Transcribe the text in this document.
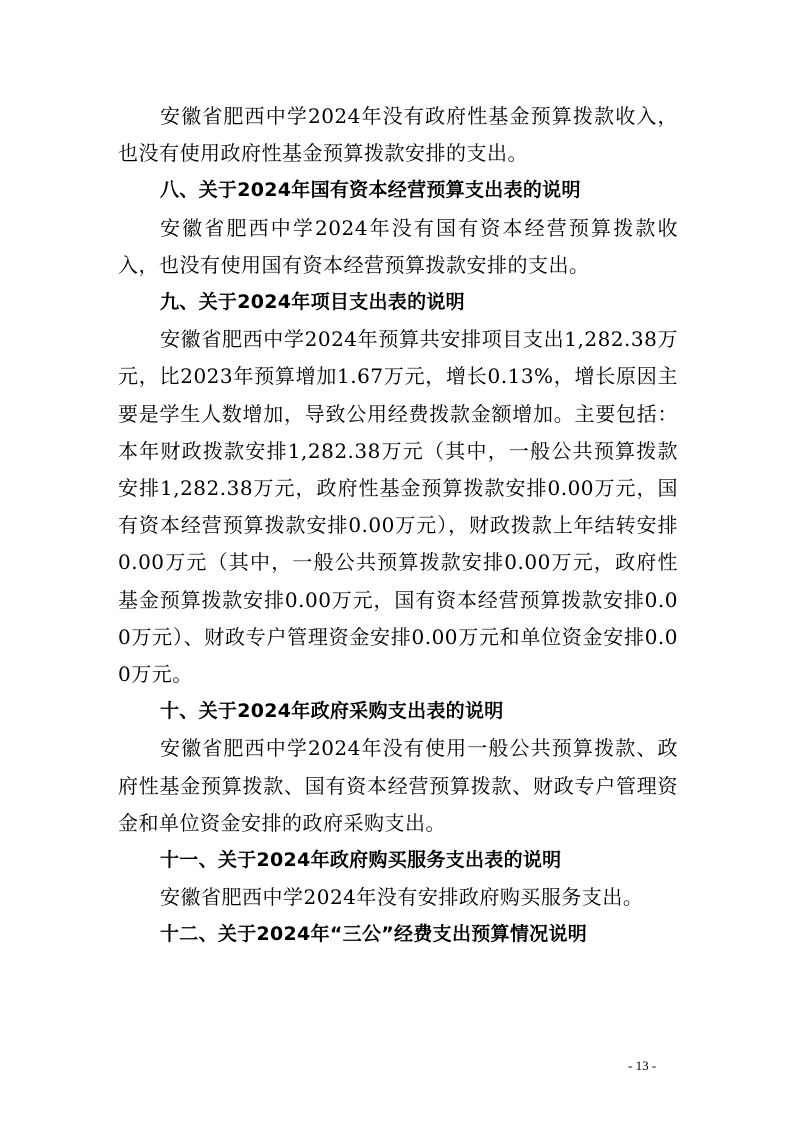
安徽省肥西中学2024年没有政府性基金预算拨款收入，也没有使用政府性基金预算拨款安排的支出。

八、关于2024年国有资本经营预算支出表的说明

安徽省肥西中学2024年没有国有资本经营预算拨款收入，也没有使用国有资本经营预算拨款安排的支出。

九、关于2024年项目支出表的说明

安徽省肥西中学2024年预算共安排项目支出1,282.38万元，比2023年预算增加1.67万元，增长0.13%，增长原因主要是学生人数增加，导致公用经费拨款金额增加。主要包括：本年财政拨款安排1,282.38万元（其中，一般公共预算拨款安排1,282.38万元，政府性基金预算拨款安排0.00万元，国有资本经营预算拨款安排0.00万元），财政拨款上年结转安排0.00万元（其中，一般公共预算拨款安排0.00万元，政府性基金预算拨款安排0.00万元，国有资本经营预算拨款安排0.00万元）、财政专户管理资金安排0.00万元和单位资金安排0.00万元。

十、关于2024年政府采购支出表的说明

安徽省肥西中学2024年没有使用一般公共预算拨款、政府性基金预算拨款、国有资本经营预算拨款、财政专户管理资金和单位资金安排的政府采购支出。

十一、关于2024年政府购买服务支出表的说明

安徽省肥西中学2024年没有安排政府购买服务支出。

十二、关于2024年“三公”经费支出预算情况说明

- 13 -
